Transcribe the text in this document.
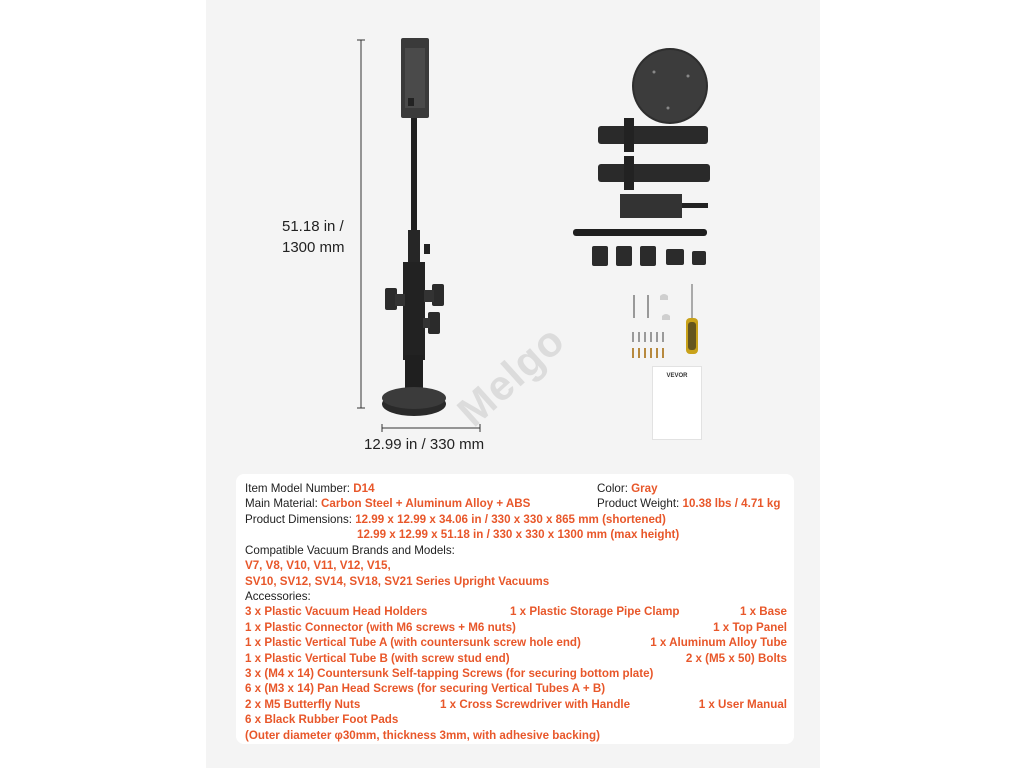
Melgo	VEVOR
51.18 in /
1300 mm
12.99 in / 330 mm
Item Model Number: D14	Color: Gray
Main Material: Carbon Steel + Aluminum Alloy + ABS	Product Weight: 10.38 lbs / 4.71 kg
Product Dimensions: 12.99 x 12.99 x 34.06 in / 330 x 330 x 865 mm (shortened)
12.99 x 12.99 x 51.18 in / 330 x 330 x 1300 mm (max height)
Compatible Vacuum Brands and Models:
V7, V8, V10, V11, V12, V15,
SV10, SV12, SV14, SV18, SV21 Series Upright Vacuums
Accessories:
3 x Plastic Vacuum Head Holders	1 x Plastic Storage Pipe Clamp	1 x Base
1 x Plastic Connector (with M6 screws + M6 nuts)	1 x Top Panel
1 x Plastic Vertical Tube A (with countersunk screw hole end)	1 x Aluminum Alloy Tube
1 x Plastic Vertical Tube B (with screw stud end)	2 x (M5 x 50) Bolts
3 x (M4 x 14) Countersunk Self-tapping Screws (for securing bottom plate)
6 x (M3 x 14) Pan Head Screws (for securing Vertical Tubes A + B)
2 x M5 Butterfly Nuts	1 x Cross Screwdriver with Handle	1 x User Manual
6 x Black Rubber Foot Pads
(Outer diameter φ30mm, thickness 3mm, with adhesive backing)
